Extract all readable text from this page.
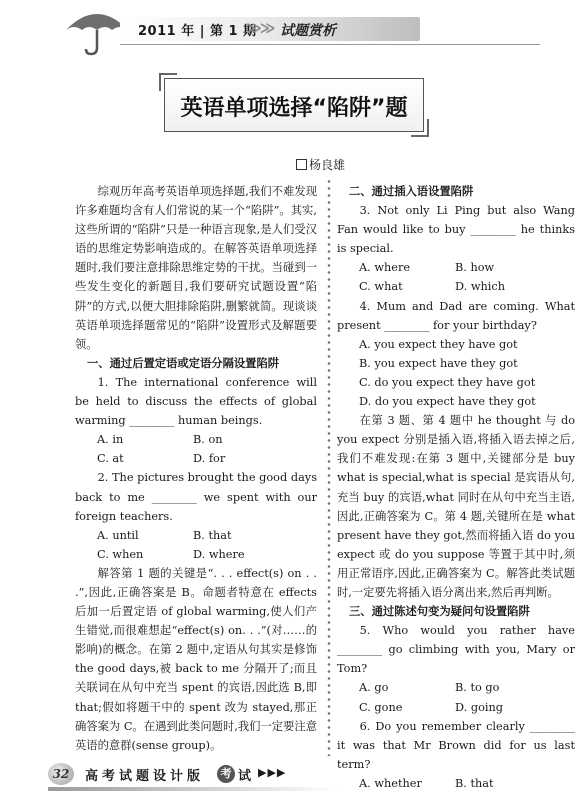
2011 年 | 第 1 期
≫≫ 试题赏析
英语单项选择“陷阱”题
杨良雄

综观历年高考英语单项选择题,我们不难发现许多难题均含有人们常说的某一个“陷阱”。其实,这些所谓的“陷阱”只是一种语言现象,是人们受汉语的思维定势影响造成的。在解答英语单项选择题时,我们要注意排除思维定势的干扰。当碰到一些发生变化的新题目,我们要研究试题设置“陷阱”的方式,以便大胆排除陷阱,删繁就简。现谈谈英语单项选择题常见的“陷阱”设置形式及解题要领。

一、通过后置定语或定语分隔设置陷阱

1. The international conference will be held to discuss the effects of global warming ________ human beings.

A. in	B. on
C. at	D. for

2. The pictures brought the good days back to me ________ we spent with our foreign teachers.

A. until	B. that
C. when	D. where

解答第 1 题的关键是“. . . effect(s) on . . .”,因此,正确答案是 B。命题者特意在 effects 后加一后置定语 of global warming,使人们产生错觉,而很难想起“effect(s) on. . .”(对……的影响)的概念。在第 2 题中,定语从句其实是修饰 the good days,被 back to me 分隔开了;而且关联词在从句中充当 spent 的宾语,因此选 B,即 that;假如将题干中的 spent 改为 stayed,那正确答案为 C。在遇到此类问题时,我们一定要注意英语的意群(sense group)。

二、通过插入语设置陷阱

3. Not only Li Ping but also Wang Fan would like to buy ________ he thinks is special.

A. where	B. how
C. what	D. which

4. Mum and Dad are coming. What present ________ for your birthday?

A. you expect they have got

B. you expect have they got

C. do you expect they have got

D. do you expect have they got

在第 3 题、第 4 题中 he thought 与 do you expect 分别是插入语,将插入语去掉之后,我们不难发现:在第 3 题中,关键部分是 buy what is special,what is special 是宾语从句,充当 buy 的宾语,what 同时在从句中充当主语,因此,正确答案为 C。第 4 题,关键所在是 what present have they got,然而将插入语 do you expect 或 do you suppose 等置于其中时,须用正常语序,因此,正确答案为 C。解答此类试题时,一定要先将插入语分离出来,然后再判断。

三、通过陈述句变为疑问句设置陷阱

5. Who would you rather have ________ go climbing with you, Mary or Tom?

A. go	B. to go
C. gone	D. going

6. Do you remember clearly ________ it was that Mr Brown did for us last term?

A. whether	B. that
32	高考试题设计版	考 试 ▶▶▶
